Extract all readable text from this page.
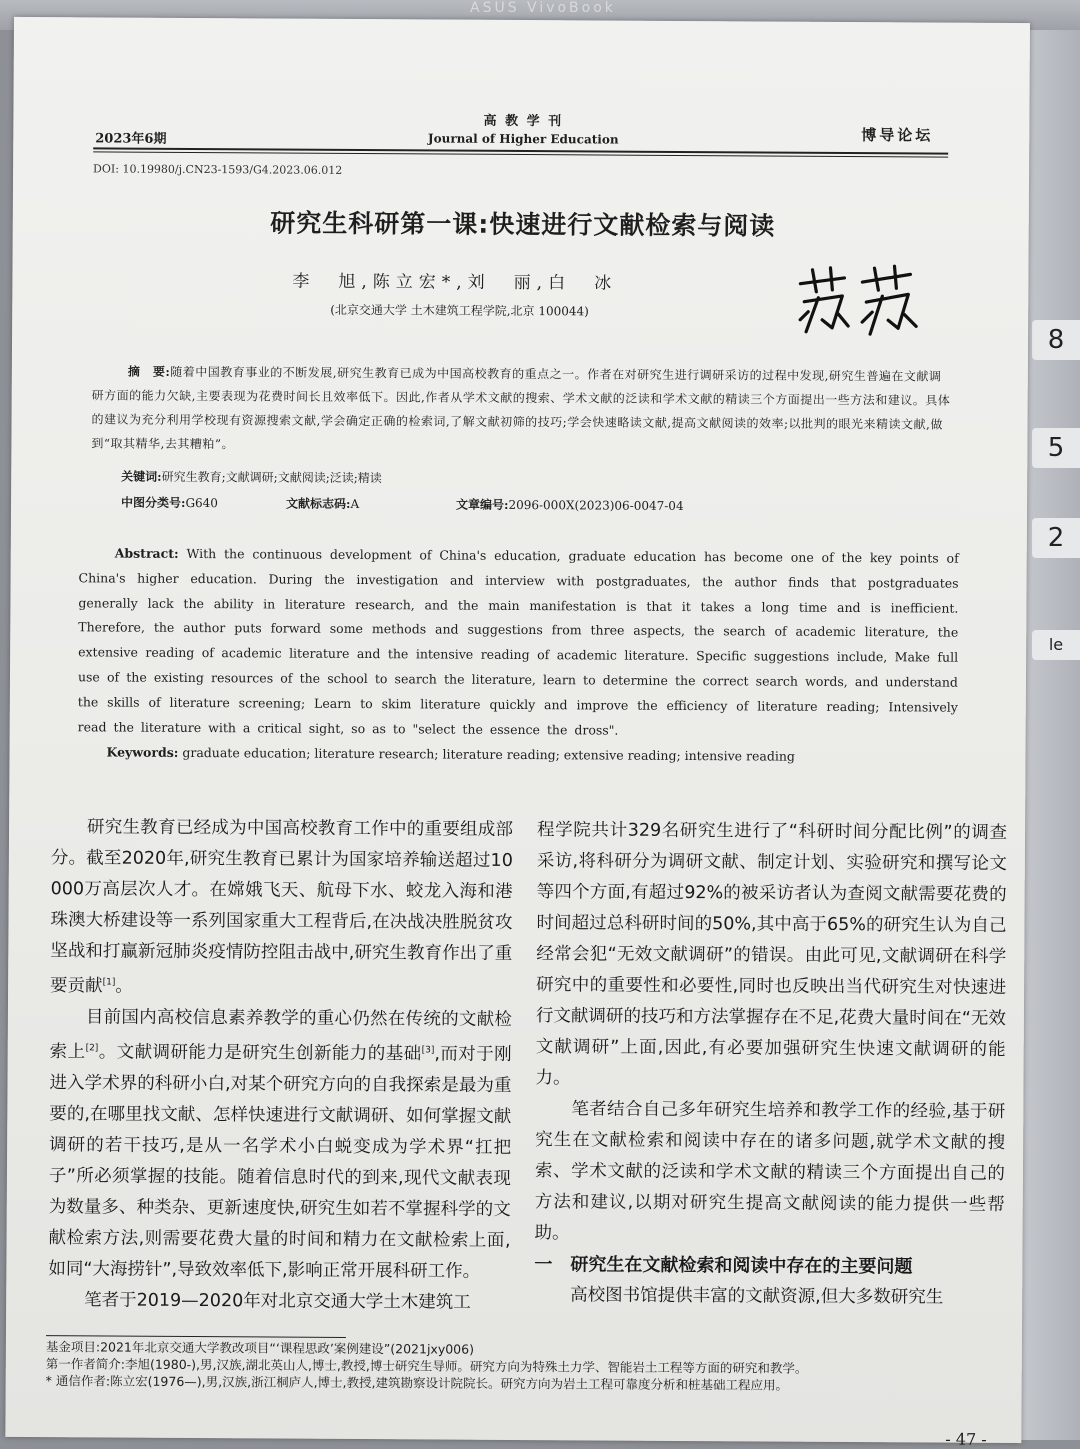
ASUS VivoBook
8
5
2
le
2023年6期
高 教 学 刊
Journal of Higher Education	博导论坛
DOI: 10.19980/j.CN23-1593/G4.2023.06.012
研究生科研第一课:快速进行文献检索与阅读
李　旭,陈立宏*,刘　丽,白　冰
(北京交通大学 土木建筑工程学院,北京 100044)
摘　要:随着中国教育事业的不断发展,研究生教育已成为中国高校教育的重点之一。作者在对研究生进行调研采访的过程中发现,研究生普遍在文献调研方面的能力欠缺,主要表现为花费时间长且效率低下。因此,作者从学术文献的搜索、学术文献的泛读和学术文献的精读三个方面提出一些方法和建议。具体的建议为充分利用学校现有资源搜索文献,学会确定正确的检索词,了解文献初筛的技巧;学会快速略读文献,提高文献阅读的效率;以批判的眼光来精读文献,做到“取其精华,去其糟粕”。
关键词:研究生教育;文献调研;文献阅读;泛读;精读
中图分类号:G640	文献标志码:A	文章编号:2096-000X(2023)06-0047-04
Abstract: With the continuous development of China's education, graduate education has become one of the key points of China's higher education. During the investigation and interview with postgraduates, the author finds that postgraduates generally lack the ability in literature research, and the main manifestation is that it takes a long time and is inefficient. Therefore, the author puts forward some methods and suggestions from three aspects, the search of academic literature, the extensive reading of academic literature and the intensive reading of academic literature. Specific suggestions include, Make full use of the existing resources of the school to search the literature, learn to determine the correct search words, and understand the skills of literature screening; Learn to skim literature quickly and improve the efficiency of literature reading; Intensively read the literature with a critical sight, so as to "select the essence the dross".
Keywords: graduate education; literature research; literature reading; extensive reading; intensive reading

研究生教育已经成为中国高校教育工作中的重要组成部分。截至2020年,研究生教育已累计为国家培养输送超过10 000万高层次人才。在嫦娥飞天、航母下水、蛟龙入海和港珠澳大桥建设等一系列国家重大工程背后,在决战决胜脱贫攻坚战和打赢新冠肺炎疫情防控阻击战中,研究生教育作出了重要贡献[1]。

目前国内高校信息素养教学的重心仍然在传统的文献检索上[2]。文献调研能力是研究生创新能力的基础[3],而对于刚进入学术界的科研小白,对某个研究方向的自我探索是最为重要的,在哪里找文献、怎样快速进行文献调研、如何掌握文献调研的若干技巧,是从一名学术小白蜕变成为学术界“扛把子”所必须掌握的技能。随着信息时代的到来,现代文献表现为数量多、种类杂、更新速度快,研究生如若不掌握科学的文献检索方法,则需要花费大量的时间和精力在文献检索上面,如同“大海捞针”,导致效率低下,影响正常开展科研工作。

笔者于2019—2020年对北京交通大学土木建筑工

程学院共计329名研究生进行了“科研时间分配比例”的调查采访,将科研分为调研文献、制定计划、实验研究和撰写论文等四个方面,有超过92%的被采访者认为查阅文献需要花费的时间超过总科研时间的50%,其中高于65%的研究生认为自己经常会犯“无效文献调研”的错误。由此可见,文献调研在科学研究中的重要性和必要性,同时也反映出当代研究生对快速进行文献调研的技巧和方法掌握存在不足,花费大量时间在“无效文献调研”上面,因此,有必要加强研究生快速文献调研的能力。

笔者结合自己多年研究生培养和教学工作的经验,基于研究生在文献检索和阅读中存在的诸多问题,就学术文献的搜索、学术文献的泛读和学术文献的精读三个方面提出自己的方法和建议,以期对研究生提高文献阅读的能力提供一些帮助。

一　研究生在文献检索和阅读中存在的主要问题

高校图书馆提供丰富的文献资源,但大多数研究生

基金项目:2021年北京交通大学教改项目“‘课程思政’案例建设”(2021jxy006)
第一作者简介:李旭(1980-),男,汉族,湖北英山人,博士,教授,博士研究生导师。研究方向为特殊土力学、智能岩土工程等方面的研究和教学。
* 通信作者:陈立宏(1976—),男,汉族,浙江桐庐人,博士,教授,建筑勘察设计院院长。研究方向为岩土工程可靠度分析和桩基础工程应用。
- 47 -
